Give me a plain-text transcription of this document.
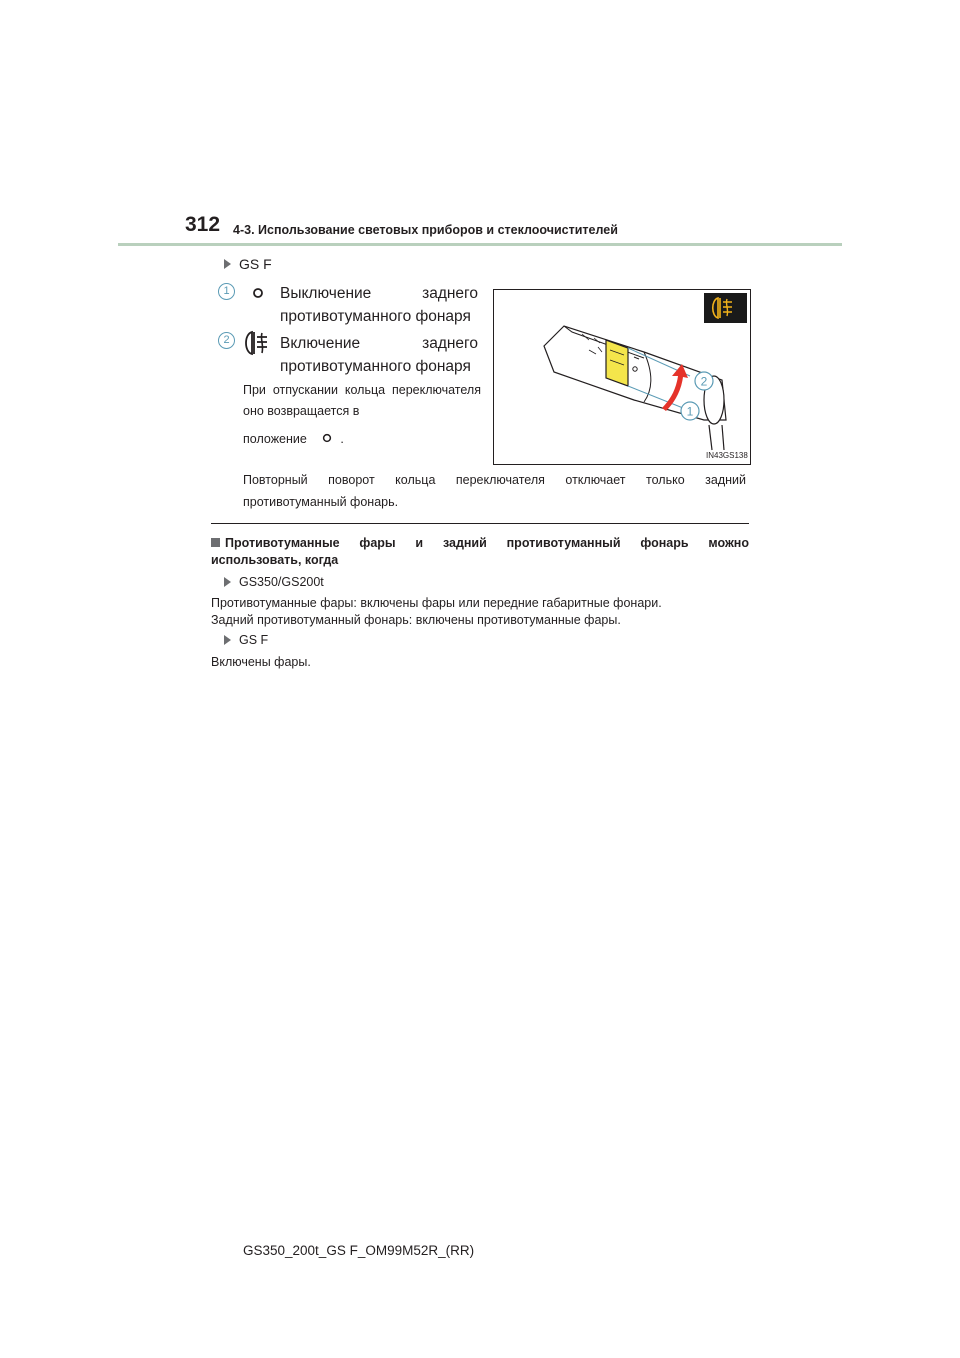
312 4-3. Использование световых приборов и стеклоочистителей
GS F
1	Выключение заднего
противотуманного фонаря
2	Включение заднего
противотуманного фонаря
При отпускании кольца переключателя оно возвращается в
положение	.
2
1
IN43GS138
Повторный поворот кольца переключателя отключает только задний противотуманный фонарь.
Противотуманные фары и задний противотуманный фонарь можно
использовать, когда
GS350/GS200t
Противотуманные фары: включены фары или передние габаритные фонари.
Задний противотуманный фонарь: включены противотуманные фары.
GS F
Включены фары.
GS350_200t_GS F_OM99M52R_(RR)
